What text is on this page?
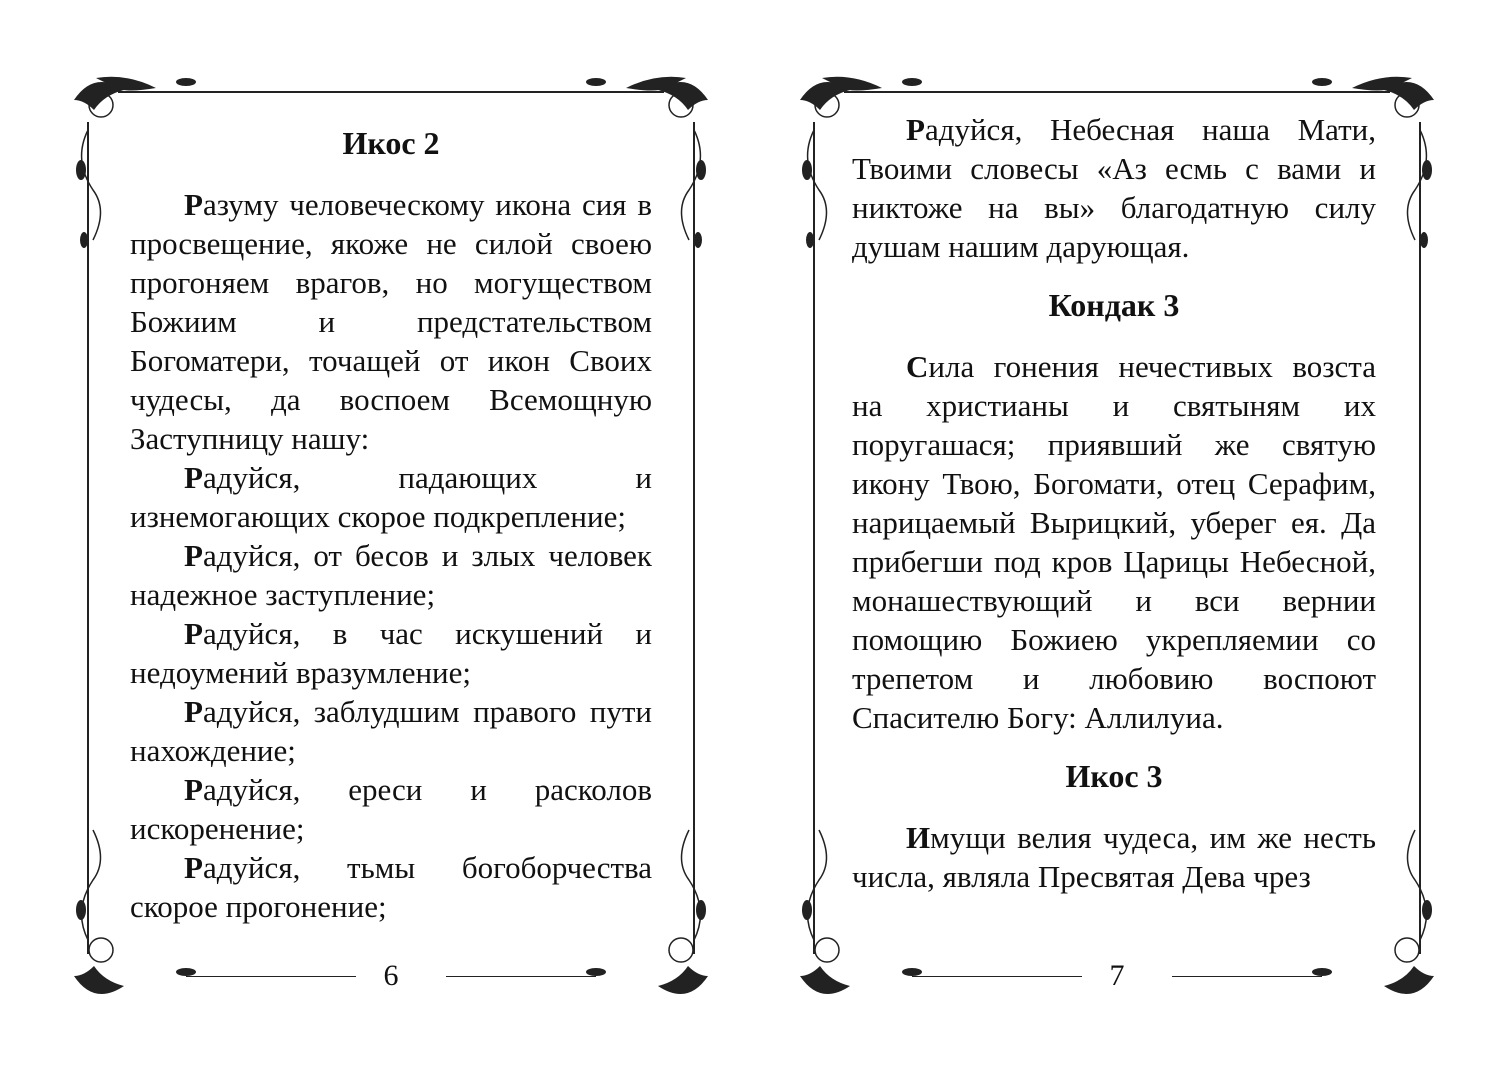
Икос 2

Разуму человеческому икона сия в просвещение, якоже не силой своею прогоняем врагов, но могуществом Божиим и предстательством Богоматери, точащей от икон Своих чудесы, да воспоем Всемощную Заступницу нашу:

Радуйся, падающих и изнемогающих скорое подкрепление;

Радуйся, от бесов и злых человек надежное заступление;

Радуйся, в час искушений и недоумений вразумление;

Радуйся, заблудшим правого пути нахождение;

Радуйся, ереси и расколов искоренение;

Радуйся, тьмы богоборчества скорое прогонение;

6

Радуйся, Небесная наша Мати, Твоими словесы «Аз есмь с вами и никтоже на вы» благодатную силу душам нашим дарующая.

Кондак 3

Сила гонения нечестивых возста на христианы и святыням их поругашася; приявший же святую икону Твою, Богомати, отец Серафим, нарицаемый Вырицкий, уберег ея. Да прибегши под кров Царицы Небесной, монашествующий и вси вернии помощию Божиею укрепляемии со трепетом и любовию воспоют Спасителю Богу: Аллилуиа.

Икос 3

Имущи велия чудеса, им же несть числа, являла Пресвятая Дева чрез

7
